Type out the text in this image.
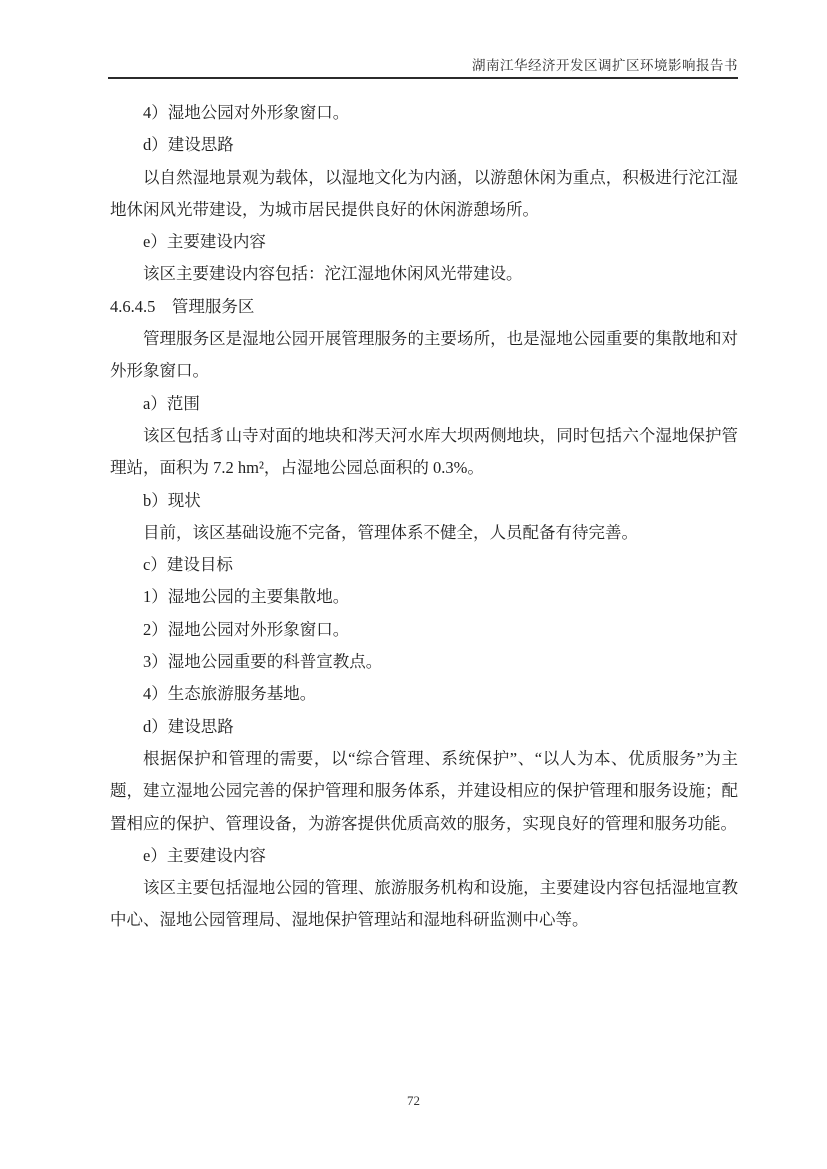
湖南江华经济开发区调扩区环境影响报告书

4）湿地公园对外形象窗口。

d）建设思路

以自然湿地景观为载体，以湿地文化为内涵，以游憩休闲为重点，积极进行沱江湿地休闲风光带建设，为城市居民提供良好的休闲游憩场所。

e）主要建设内容

该区主要建设内容包括：沱江湿地休闲风光带建设。

4.6.4.5　管理服务区

管理服务区是湿地公园开展管理服务的主要场所，也是湿地公园重要的集散地和对外形象窗口。

a）范围

该区包括豸山寺对面的地块和涔天河水库大坝两侧地块，同时包括六个湿地保护管理站，面积为 7.2 hm²，占湿地公园总面积的 0.3%。

b）现状

目前，该区基础设施不完备，管理体系不健全，人员配备有待完善。

c）建设目标

1）湿地公园的主要集散地。

2）湿地公园对外形象窗口。

3）湿地公园重要的科普宣教点。

4）生态旅游服务基地。

d）建设思路

根据保护和管理的需要，以“综合管理、系统保护”、“以人为本、优质服务”为主题，建立湿地公园完善的保护管理和服务体系，并建设相应的保护管理和服务设施；配置相应的保护、管理设备，为游客提供优质高效的服务，实现良好的管理和服务功能。

e）主要建设内容

该区主要包括湿地公园的管理、旅游服务机构和设施，主要建设内容包括湿地宣教中心、湿地公园管理局、湿地保护管理站和湿地科研监测中心等。

72
